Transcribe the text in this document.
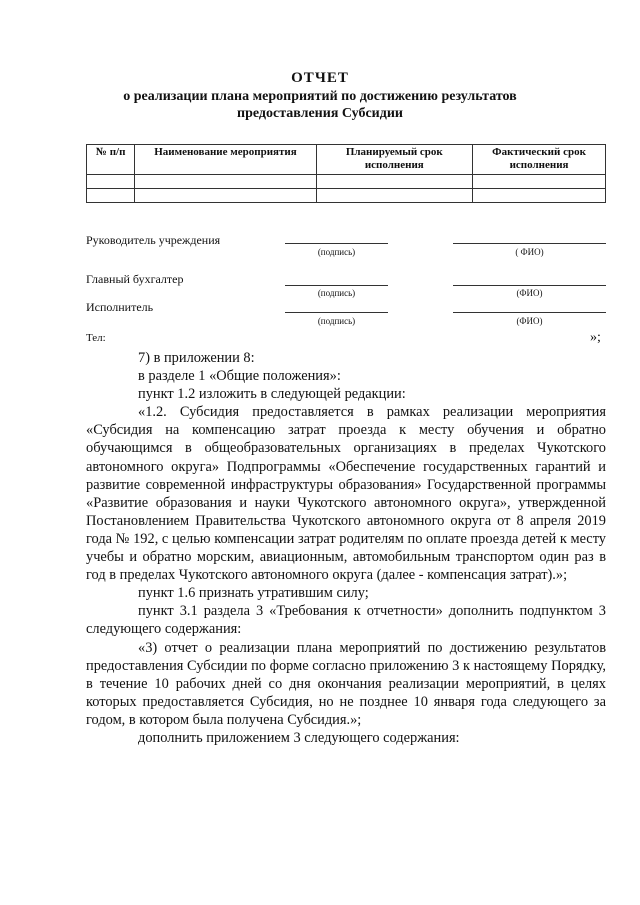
ОТЧЕТ
о реализации плана мероприятий по достижению результатов
предоставления Субсидии
№ п/п	Наименование мероприятия	Планируемый срок исполнения	Фактический срок исполнения

Руководитель учреждения
(подпись)	( ФИО)
Главный бухгалтер
(подпись)	(ФИО)
Исполнитель
(подпись)	(ФИО)
Тел:	»;

7) в приложении 8:

в разделе 1 «Общие положения»:

пункт 1.2 изложить в следующей редакции:

«1.2. Субсидия предоставляется в рамках реализации мероприятия «Субсидия на компенсацию затрат проезда к месту обучения и обратно обучающимся в общеобразовательных организациях в пределах Чукотского автономного округа» Подпрограммы «Обеспечение государственных гарантий и развитие современной инфраструктуры образования» Государственной программы «Развитие образования и науки Чукотского автономного округа», утвержденной Постановлением Правительства Чукотского автономного округа от 8 апреля 2019 года № 192, с целью компенсации затрат родителям по оплате проезда детей к месту учебы и обратно морским, авиационным, автомобильным транспортом один раз в год в пределах Чукотского автономного округа (далее - компенсация затрат).»;

пункт 1.6 признать утратившим силу;

пункт 3.1 раздела 3 «Требования к отчетности» дополнить подпунктом 3 следующего содержания:

«3) отчет о реализации плана мероприятий по достижению результатов предоставления Субсидии по форме согласно приложению 3 к настоящему Порядку, в течение 10 рабочих дней со дня окончания реализации мероприятий, в целях которых предоставляется Субсидия, но не позднее 10 января года следующего за годом, в котором была получена Субсидия.»;

дополнить приложением 3 следующего содержания:
